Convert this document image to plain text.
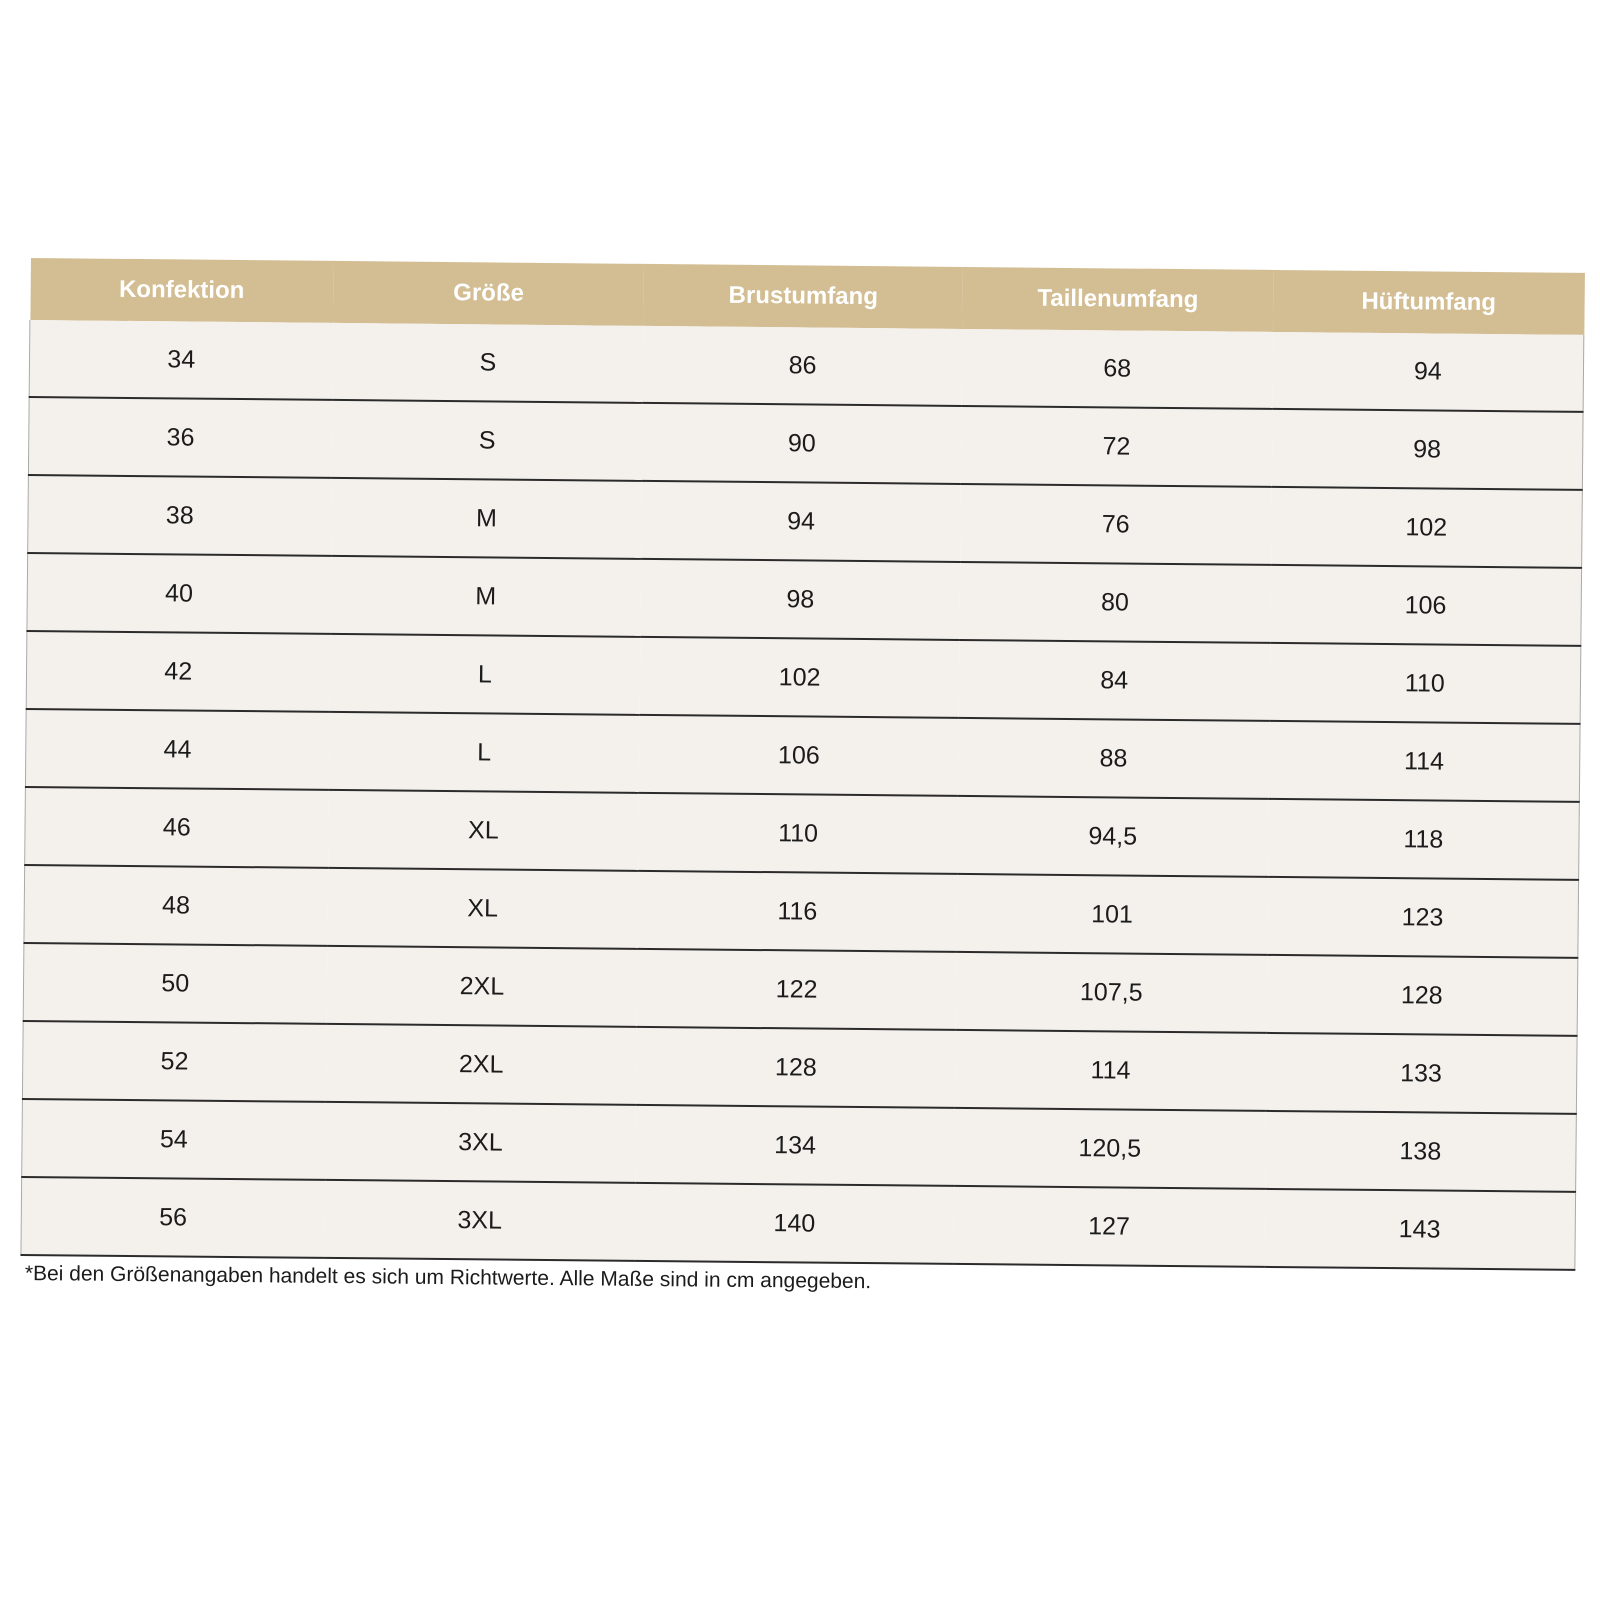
Konfektion	Größe	Brustumfang	Taillenumfang	Hüftumfang
34	S	86	68	94
36	S	90	72	98
38	M	94	76	102
40	M	98	80	106
42	L	102	84	110
44	L	106	88	114
46	XL	110	94,5	118
48	XL	116	101	123
50	2XL	122	107,5	128
52	2XL	128	114	133
54	3XL	134	120,5	138
56	3XL	140	127	143
*Bei den Größenangaben handelt es sich um Richtwerte. Alle Maße sind in cm angegeben.
